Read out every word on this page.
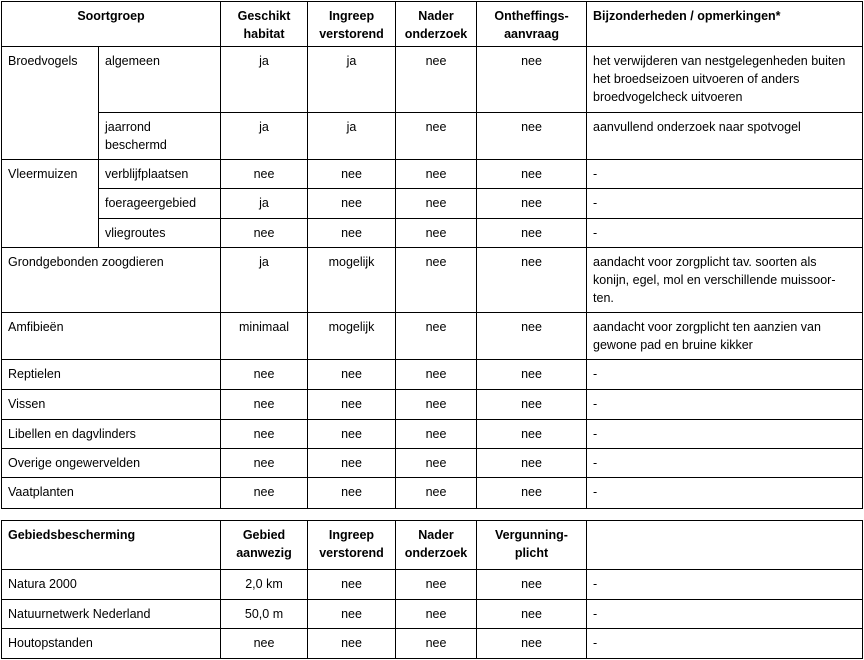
Soortgroep		Geschikt habitat	Ingreep verstorend	Nader onderzoek	Ontheffings-aanvraag	Bijzonderheden / opmerkingen*
Broedvogels	algemeen	ja	ja	nee	nee	het verwijderen van nestgelegenheden buiten het broedseizoen uitvoeren of anders broedvogelcheck uitvoeren
	jaarrond beschermd	ja	ja	nee	nee	aanvullend onderzoek naar spotvogel
Vleermuizen	verblijfplaatsen	nee	nee	nee	nee	-
	foerageergebied	ja	nee	nee	nee	-
	vliegroutes	nee	nee	nee	nee	-
Grondgebonden zoogdieren		ja	mogelijk	nee	nee	aandacht voor zorgplicht tav. soorten als konijn, egel, mol en verschillende muissoor-ten.
Amfibieën		minimaal	mogelijk	nee	nee	aandacht voor zorgplicht ten aanzien van gewone pad en bruine kikker
Reptielen		nee	nee	nee	nee	-
Vissen		nee	nee	nee	nee	-
Libellen en dagvlinders		nee	nee	nee	nee	-
Overige ongewervelden		nee	nee	nee	nee	-
Vaatplanten		nee	nee	nee	nee	-
Gebiedsbescherming	Gebied aanwezig	Ingreep verstorend	Nader onderzoek	Vergunning-plicht	
Natura 2000	2,0 km	nee	nee	nee	-
Natuurnetwerk Nederland	50,0 m	nee	nee	nee	-
Houtopstanden	nee	nee	nee	nee	-
